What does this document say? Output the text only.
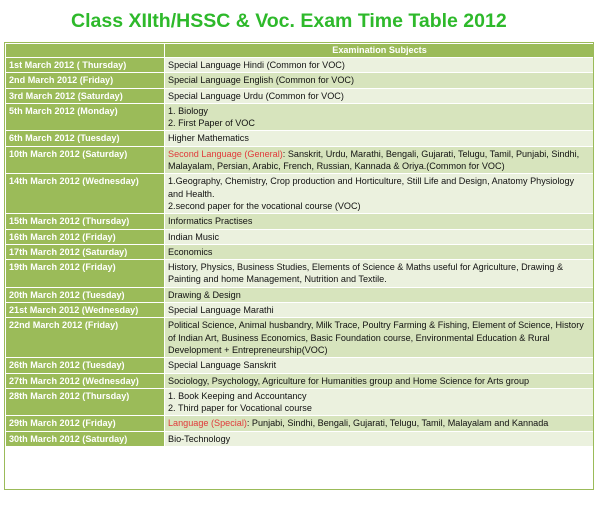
Class XIIth/HSSC & Voc. Exam Time Table 2012
	Examination Subjects
1st March 2012 ( Thursday)	Special Language Hindi (Common for VOC)

2nd March 2012 (Friday)	Special Language English (Common for VOC)

3rd March 2012 (Saturday)	Special Language Urdu (Common for VOC)

5th March 2012 (Monday)	1. Biology
2. First Paper of VOC

6th March 2012 (Tuesday)	Higher Mathematics

10th March 2012 (Saturday)	Second Language (General): Sanskrit, Urdu, Marathi, Bengali, Gujarati, Telugu, Tamil, Punjabi, Sindhi, Malayalam, Persian, Arabic, French, Russian, Kannada & Oriya.(Common for VOC)
14th March 2012 (Wednesday)	1.Geography, Chemistry, Crop production and Horticulture, Still Life and Design, Anatomy Physiology and Health.
2.second paper for the vocational course (VOC)

15th March 2012 (Thursday)	Informatics Practises

16th March 2012 (Friday)	Indian Music

17th March 2012 (Saturday)	Economics

19th March 2012 (Friday)	History, Physics, Business Studies, Elements of Science & Maths useful for Agriculture, Drawing & Painting and home Management, Nutrition and Textile.

20th March 2012 (Tuesday)	Drawing & Design

21st March 2012 (Wednesday)	Special Language Marathi

22nd March 2012 (Friday)	Political Science, Animal husbandry, Milk Trace, Poultry Farming & Fishing, Element of Science, History of Indian Art, Business Economics, Basic Foundation course, Environmental Education & Rural Development + Entrepreneurship(VOC)

26th March 2012 (Tuesday)	Special Language Sanskrit

27th March 2012 (Wednesday)	Sociology, Psychology, Agriculture for Humanities group and Home Science for Arts group

28th March 2012 (Thursday)	1. Book Keeping and Accountancy
2. Third paper for Vocational course

29th March 2012 (Friday)	Language (Special): Punjabi, Sindhi, Bengali, Gujarati, Telugu, Tamil, Malayalam and Kannada
30th March 2012 (Saturday)	Bio-Technology
